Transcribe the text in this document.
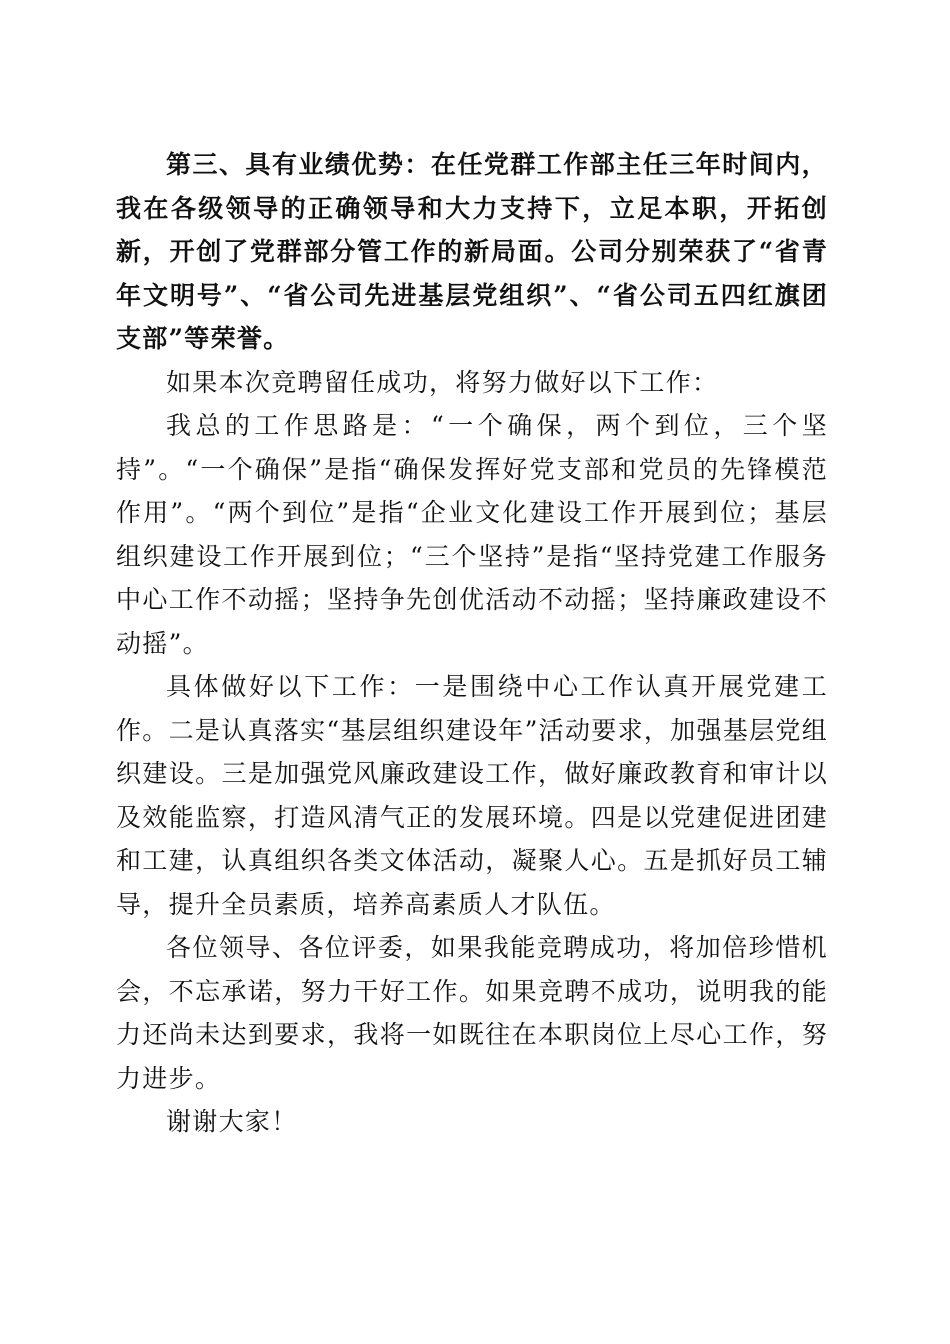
第三、具有业绩优势：在任党群工作部主任三年时间内，我在各级领导的正确领导和大力支持下，立足本职，开拓创新，开创了党群部分管工作的新局面。公司分别荣获了“省青年文明号”、“省公司先进基层党组织”、“省公司五四红旗团支部”等荣誉。

如果本次竞聘留任成功，将努力做好以下工作：

我总的工作思路是：“一个确保，两个到位，三个坚持”。“一个确保”是指“确保发挥好党支部和党员的先锋模范作用”。“两个到位”是指“企业文化建设工作开展到位；基层组织建设工作开展到位；“三个坚持”是指“坚持党建工作服务中心工作不动摇；坚持争先创优活动不动摇；坚持廉政建设不动摇”。

具体做好以下工作：一是围绕中心工作认真开展党建工作。二是认真落实“基层组织建设年”活动要求，加强基层党组织建设。三是加强党风廉政建设工作，做好廉政教育和审计以及效能监察，打造风清气正的发展环境。四是以党建促进团建和工建，认真组织各类文体活动，凝聚人心。五是抓好员工辅导，提升全员素质，培养高素质人才队伍。

各位领导、各位评委，如果我能竞聘成功，将加倍珍惜机会，不忘承诺，努力干好工作。如果竞聘不成功，说明我的能力还尚未达到要求，我将一如既往在本职岗位上尽心工作，努力进步。

谢谢大家！
